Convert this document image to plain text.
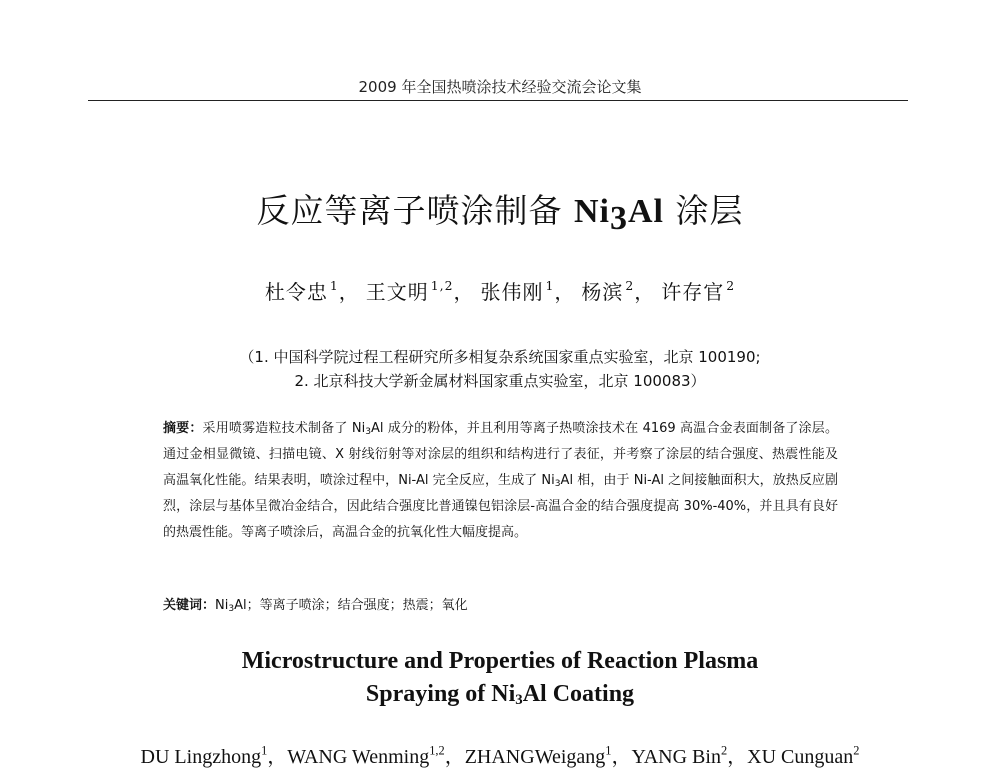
2009 年全国热喷涂技术经验交流会论文集
反应等离子喷涂制备 $Ni_3Al$ 涂层
杜令忠 $^1$， 王文明 $^{1,2}$， 张伟刚 $^1$， 杨滨 $^2$， 许存官 $^2$
（1. 中国科学院过程工程研究所多相复杂系统国家重点实验室，北京 100190;
2. 北京科技大学新金属材料国家重点实验室，北京 100083）
摘要：采用喷雾造粒技术制备了 $Ni_3Al$ 成分的粉体，并且利用等离子热喷涂技术在 4169 高温合金表面制备了涂层。通过金相显微镜、扫描电镜、X 射线衍射等对涂层的组织和结构进行了表征，并考察了涂层的结合强度、热震性能及高温氧化性能。结果表明，喷涂过程中，Ni-Al 完全反应，生成了 $Ni_3Al$ 相，由于 Ni-Al 之间接触面积大，放热反应剧烈，涂层与基体呈微冶金结合，因此结合强度比普通镍包铝涂层-高温合金的结合强度提高 30%-40%，并且具有良好的热震性能。等离子喷涂后，高温合金的抗氧化性大幅度提高。
关键词：$Ni_3Al$；等离子喷涂；结合强度；热震；氧化
Microstructure and Properties of Reaction Plasma
Spraying of $Ni_3Al$ Coating
DU Lingzhong$^1$，WANG Wenming$^{1,2}$，ZHANGWeigang$^1$，YANG Bin$^2$，XU Cunguan$^2$
